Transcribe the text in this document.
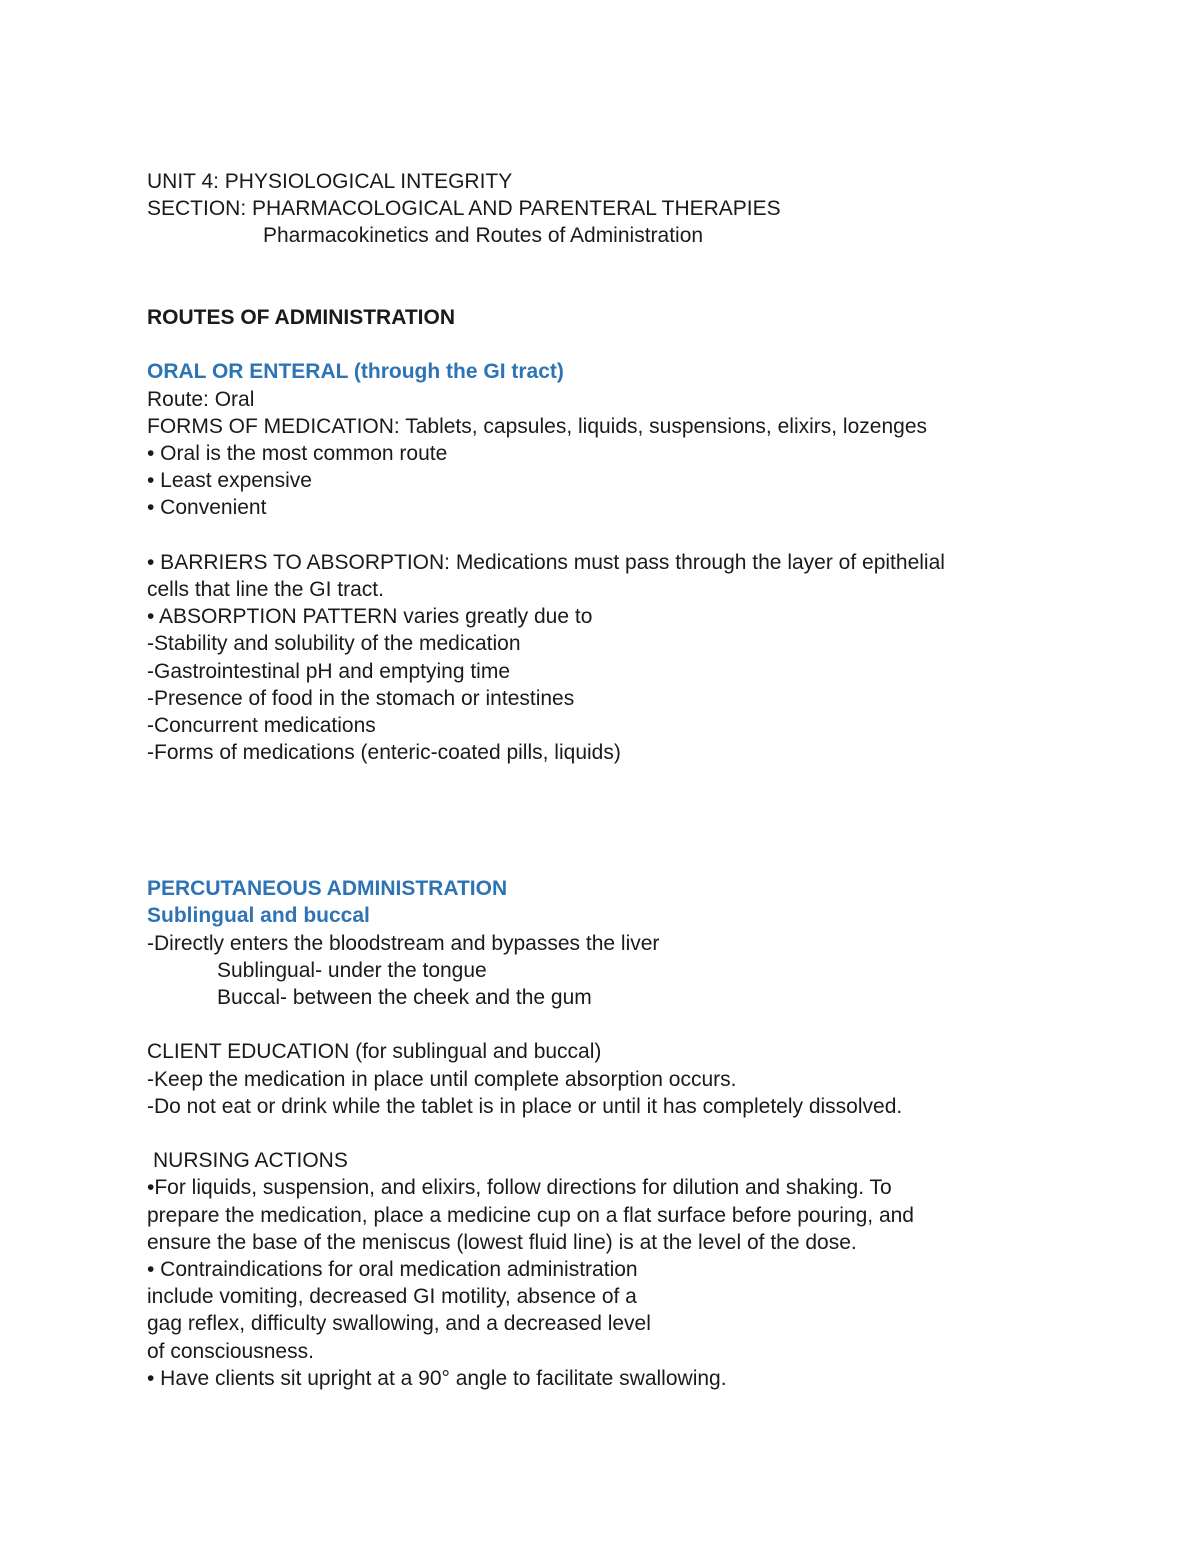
UNIT 4: PHYSIOLOGICAL INTEGRITY
SECTION: PHARMACOLOGICAL AND PARENTERAL THERAPIES
Pharmacokinetics and Routes of Administration
ROUTES OF ADMINISTRATION
ORAL OR ENTERAL (through the GI tract)
Route: Oral
FORMS OF MEDICATION: Tablets, capsules, liquids, suspensions, elixirs, lozenges
• Oral is the most common route
• Least expensive
• Convenient
• BARRIERS TO ABSORPTION: Medications must pass through the layer of epithelial
cells that line the GI tract.
• ABSORPTION PATTERN varies greatly due to
-Stability and solubility of the medication
-Gastrointestinal pH and emptying time
-Presence of food in the stomach or intestines
-Concurrent medications
-Forms of medications (enteric-coated pills, liquids)
PERCUTANEOUS ADMINISTRATION
Sublingual and buccal
-Directly enters the bloodstream and bypasses the liver
Sublingual- under the tongue
Buccal- between the cheek and the gum
CLIENT EDUCATION (for sublingual and buccal)
-Keep the medication in place until complete absorption occurs.
-Do not eat or drink while the tablet is in place or until it has completely dissolved.
NURSING ACTIONS
•For liquids, suspension, and elixirs, follow directions for dilution and shaking. To
prepare the medication, place a medicine cup on a flat surface before pouring, and
ensure the base of the meniscus (lowest fluid line) is at the level of the dose.
• Contraindications for oral medication administration
include vomiting, decreased GI motility, absence of a
gag reflex, difficulty swallowing, and a decreased level
of consciousness.
• Have clients sit upright at a 90° angle to facilitate swallowing.
